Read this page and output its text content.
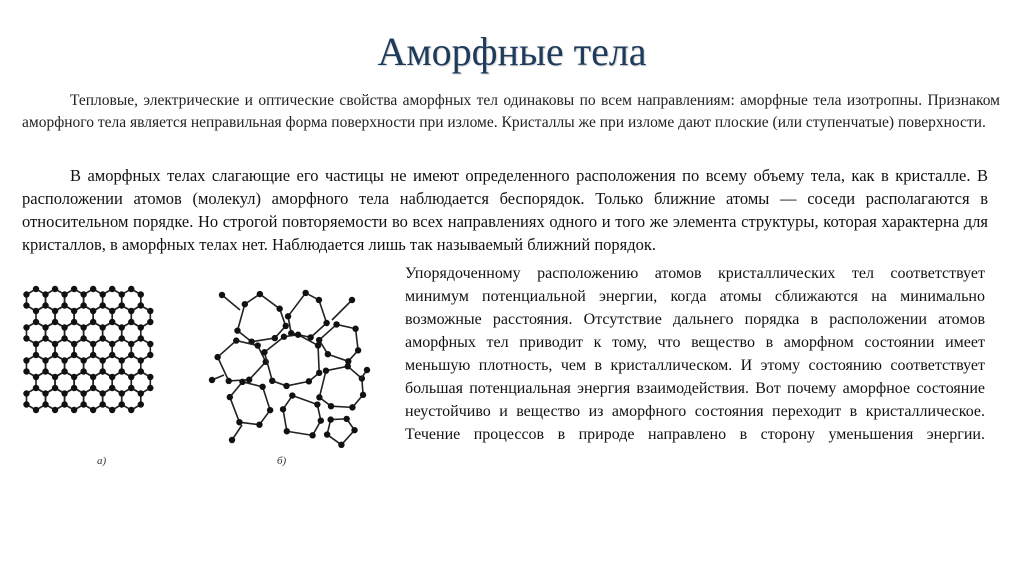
Аморфные тела

Тепловые, электрические и оптические свойства аморфных тел одинаковы по всем направлениям: аморфные тела изотропны. Признаком аморфного тела является неправильная форма поверхности при изломе. Кристаллы же при изломе дают плоские (или ступенчатые) поверхности.

В аморфных телах слагающие его частицы не имеют определенного расположения по всему объему тела, как в кристалле. В расположении атомов (молекул) аморфного тела наблюдается беспорядок. Только ближние атомы — соседи располагаются в относительном порядке. Но строгой повторяемости во всех направлениях одного и того же элемента структуры, которая характерна для кристаллов, в аморфных телах нет. Наблюдается лишь так называемый ближний порядок.

Упорядоченному расположению атомов кристаллических тел соответствует минимум потенциальной энергии, когда атомы сближаются на минимально возможные расстояния. Отсутствие дальнего порядка в расположении атомов аморфных тел приводит к тому, что вещество в аморфном состоянии имеет меньшую плотность, чем в кристаллическом. И этому состоянию соответствует большая потенциальная энергия взаимодействия. Вот почему аморфное состояние неустойчиво и вещество из аморфного состояния переходит в кристаллическое. Течение процессов в природе направлено в сторону уменьшения энергии.

а)	б)
